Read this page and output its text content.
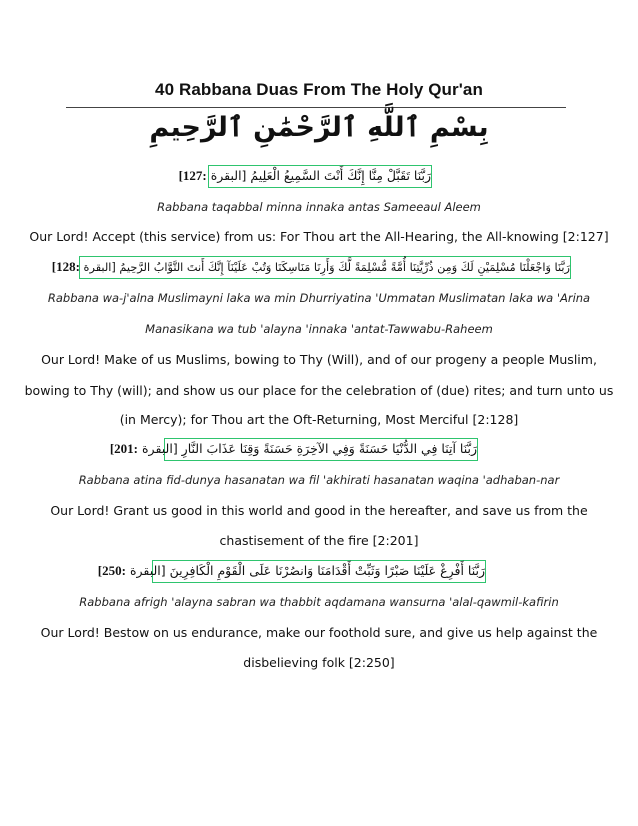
40 Rabbana Duas From The Holy Qur'an
بِسْمِ ٱللَّهِ ٱلرَّحْمَٰنِ ٱلرَّحِيمِ
رَبَّنَا تَقَبَّلْ مِنَّا إِنَّكَ أَنْتَ السَّمِيعُ الْعَلِيمُ [البقرة :127]
Rabbana taqabbal minna innaka antas Sameeaul Aleem
Our Lord! Accept (this service) from us: For Thou art the All-Hearing, the All-knowing [2:127]
رَبَّنَا وَاجْعَلْنَا مُسْلِمَيْنِ لَكَ وَمِن ذُرِّيَّتِنَا أُمَّةً مُّسْلِمَةً لَّكَ وَأَرِنَا مَنَاسِكَنَا وَتُبْ عَلَيْنَآ إِنَّكَ أَنتَ التَّوَّابُ الرَّحِيمُ [البقرة :128]
Rabbana wa-j'alna Muslimayni laka wa min Dhurriyatina 'Ummatan Muslimatan laka wa 'Arina
Manasikana wa tub 'alayna 'innaka 'antat-Tawwabu-Raheem
Our Lord! Make of us Muslims, bowing to Thy (Will), and of our progeny a people Muslim,
bowing to Thy (will); and show us our place for the celebration of (due) rites; and turn unto us
(in Mercy); for Thou art the Oft-Returning, Most Merciful [2:128]
رَبَّنَا آتِنَا فِي الدُّنْيَا حَسَنَةً وَفِي الآخِرَةِ حَسَنَةً وَقِنَا عَذَابَ النَّارِ [البقرة :201]
Rabbana atina fid-dunya hasanatan wa fil 'akhirati hasanatan waqina 'adhaban-nar
Our Lord! Grant us good in this world and good in the hereafter, and save us from the
chastisement of the fire [2:201]
رَبَّنَا أَفْرِغْ عَلَيْنَا صَبْرًا وَثَبِّتْ أَقْدَامَنَا وَانصُرْنَا عَلَى الْقَوْمِ الْكَافِرِينَ [البقرة :250]
Rabbana afrigh 'alayna sabran wa thabbit aqdamana wansurna 'alal-qawmil-kafirin
Our Lord! Bestow on us endurance, make our foothold sure, and give us help against the
disbelieving folk [2:250]
